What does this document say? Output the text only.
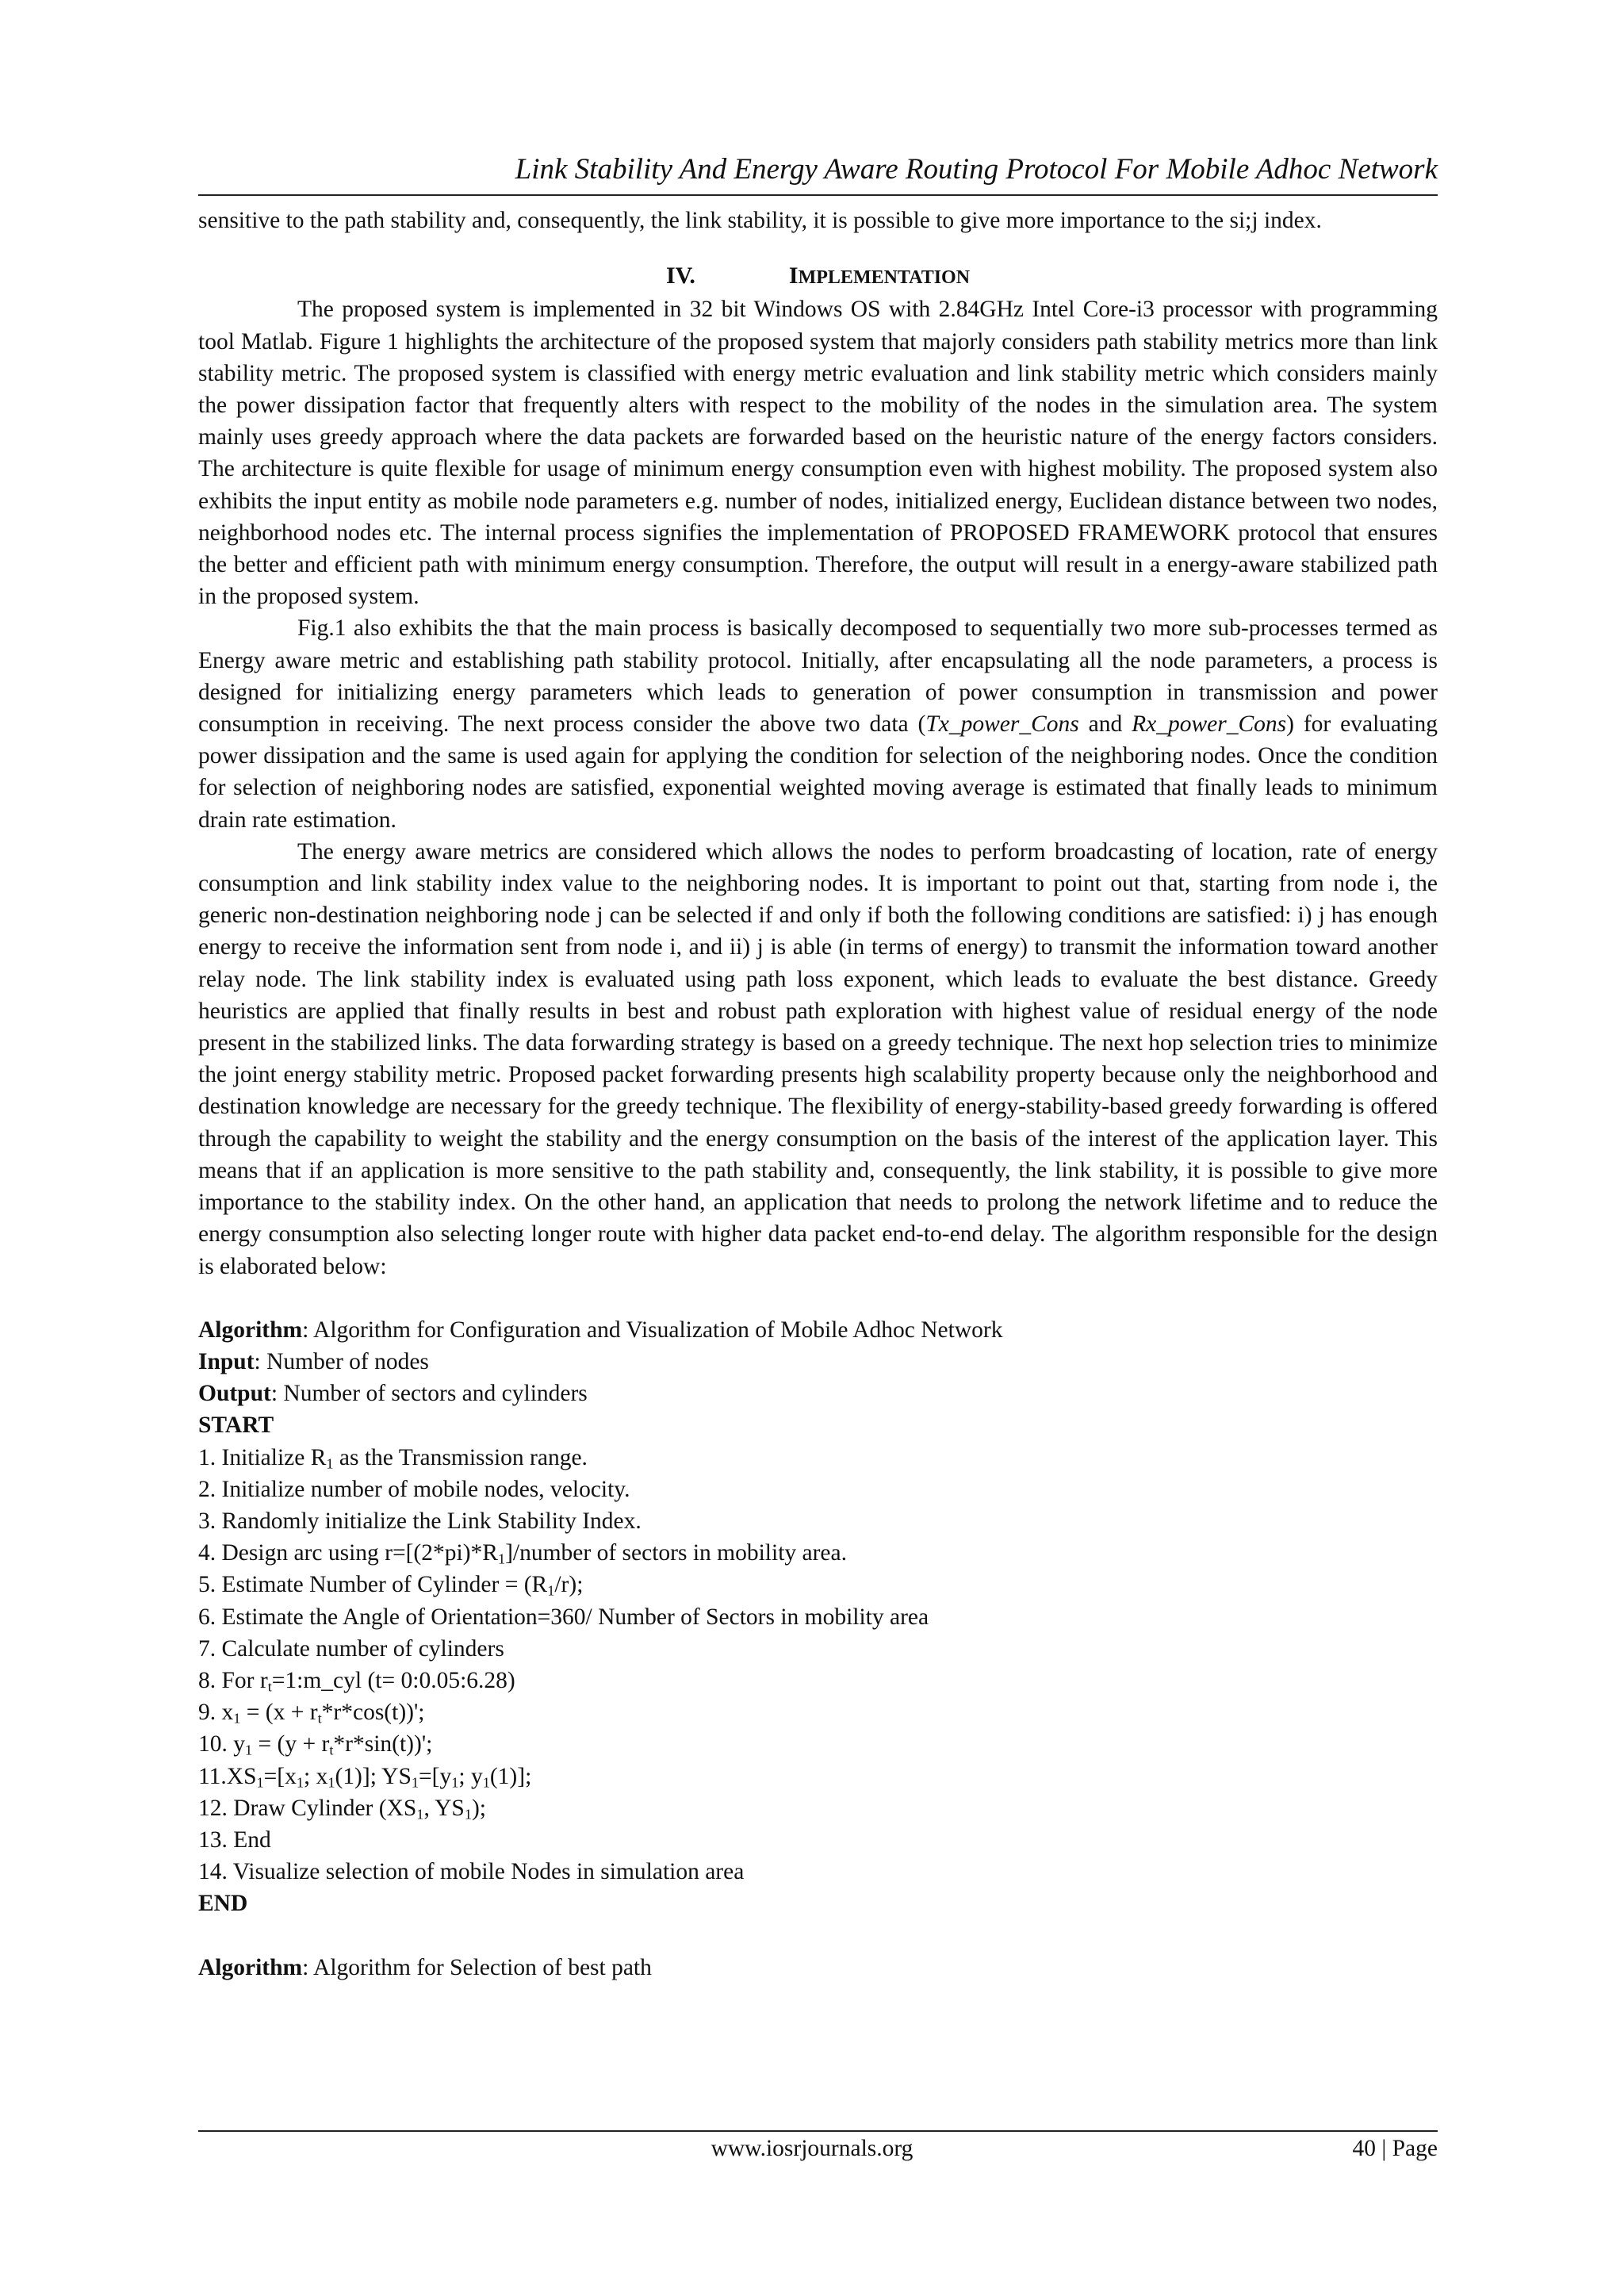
Link Stability And Energy Aware Routing Protocol For Mobile Adhoc Network

sensitive to the path stability and, consequently, the link stability, it is possible to give more importance to the si;j index.

IV.	IMPLEMENTATION

The proposed system is implemented in 32 bit Windows OS with 2.84GHz Intel Core-i3 processor with programming tool Matlab. Figure 1 highlights the architecture of the proposed system that majorly considers path stability metrics more than link stability metric. The proposed system is classified with energy metric evaluation and link stability metric which considers mainly the power dissipation factor that frequently alters with respect to the mobility of the nodes in the simulation area. The system mainly uses greedy approach where the data packets are forwarded based on the heuristic nature of the energy factors considers. The architecture is quite flexible for usage of minimum energy consumption even with highest mobility. The proposed system also exhibits the input entity as mobile node parameters e.g. number of nodes, initialized energy, Euclidean distance between two nodes, neighborhood nodes etc. The internal process signifies the implementation of PROPOSED FRAMEWORK protocol that ensures the better and efficient path with minimum energy consumption. Therefore, the output will result in a energy-aware stabilized path in the proposed system.

Fig.1 also exhibits the that the main process is basically decomposed to sequentially two more sub-processes termed as Energy aware metric and establishing path stability protocol. Initially, after encapsulating all the node parameters, a process is designed for initializing energy parameters which leads to generation of power consumption in transmission and power consumption in receiving. The next process consider the above two data (Tx_power_Cons and Rx_power_Cons) for evaluating power dissipation and the same is used again for applying the condition for selection of the neighboring nodes. Once the condition for selection of neighboring nodes are satisfied, exponential weighted moving average is estimated that finally leads to minimum drain rate estimation.

The energy aware metrics are considered which allows the nodes to perform broadcasting of location, rate of energy consumption and link stability index value to the neighboring nodes. It is important to point out that, starting from node i, the generic non-destination neighboring node j can be selected if and only if both the following conditions are satisfied: i) j has enough energy to receive the information sent from node i, and ii) j is able (in terms of energy) to transmit the information toward another relay node. The link stability index is evaluated using path loss exponent, which leads to evaluate the best distance. Greedy heuristics are applied that finally results in best and robust path exploration with highest value of residual energy of the node present in the stabilized links. The data forwarding strategy is based on a greedy technique. The next hop selection tries to minimize the joint energy stability metric. Proposed packet forwarding presents high scalability property because only the neighborhood and destination knowledge are necessary for the greedy technique. The flexibility of energy-stability-based greedy forwarding is offered through the capability to weight the stability and the energy consumption on the basis of the interest of the application layer. This means that if an application is more sensitive to the path stability and, consequently, the link stability, it is possible to give more importance to the stability index. On the other hand, an application that needs to prolong the network lifetime and to reduce the energy consumption also selecting longer route with higher data packet end-to-end delay. The algorithm responsible for the design is elaborated below:

Algorithm: Algorithm for Configuration and Visualization of Mobile Adhoc Network
Input: Number of nodes
Output: Number of sectors and cylinders
START
1. Initialize $R_1$ as the Transmission range.
2. Initialize number of mobile nodes, velocity.
3. Randomly initialize the Link Stability Index.
4. Design arc using $r=[(2*pi)*R_1]$/number of sectors in mobility area.
5. Estimate Number of Cylinder = $(R_1/r)$;
6. Estimate the Angle of Orientation=360/ Number of Sectors in mobility area
7. Calculate number of cylinders
8. For $r_t=1:m\_cyl$ (t= 0:0.05:6.28)
9. $x_1 = (x + r_t*r*\cos(t))'$;
10. $y_1 = (y + r_t*r*\sin(t))'$;
$11.XS_1=[x_1$; $x_1(1)$]; $YS_1=[y_1$; $y_1(1)$];
12. Draw Cylinder ($XS_1$, $YS_1$);
13. End
14. Visualize selection of mobile Nodes in simulation area
END
Algorithm: Algorithm for Selection of best path
www.iosrjournals.org	40 | Page
